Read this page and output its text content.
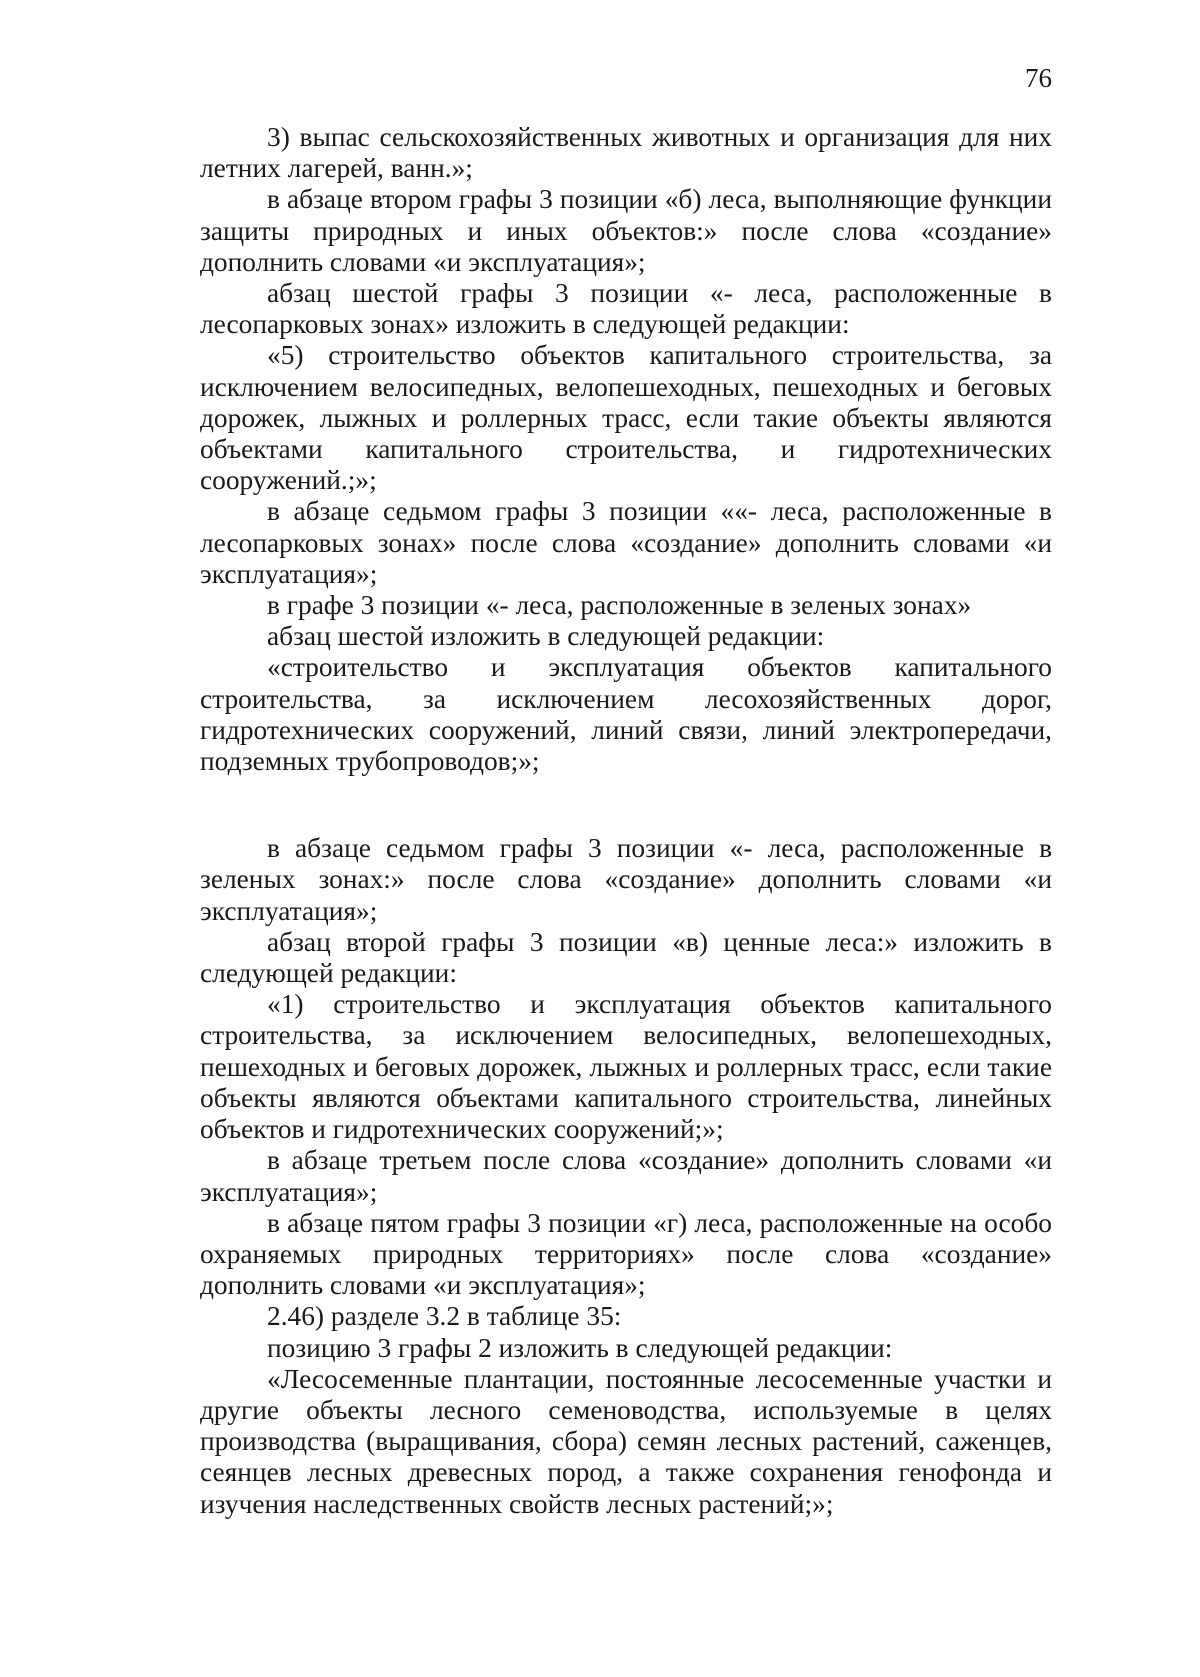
76

3) выпас сельскохозяйственных животных и организация для них летних лагерей, ванн.»;

в абзаце втором графы 3 позиции «б) леса, выполняющие функции защиты природных и иных объектов:» после слова «создание» дополнить словами «и эксплуатация»;

абзац шестой графы 3 позиции «- леса, расположенные в лесопарковых зонах» изложить в следующей редакции:

«5) строительство объектов капитального строительства, за исключением велосипедных, велопешеходных, пешеходных и беговых дорожек, лыжных и роллерных трасс, если такие объекты являются объектами капитального строительства, и гидротехнических сооружений.;»;

в абзаце седьмом графы 3 позиции ««- леса, расположенные в лесопарковых зонах» после слова «создание» дополнить словами «и эксплуатация»;

в графе 3 позиции «- леса, расположенные в зеленых зонах»

абзац шестой изложить в следующей редакции:

«строительство и эксплуатация объектов капитального строительства, за исключением лесохозяйственных дорог, гидротехнических сооружений, линий связи, линий электропередачи, подземных трубопроводов;»;

в абзаце седьмом графы 3 позиции «- леса, расположенные в зеленых зонах:» после слова «создание» дополнить словами «и эксплуатация»;

абзац второй графы 3 позиции «в) ценные леса:» изложить в следующей редакции:

«1) строительство и эксплуатация объектов капитального строительства, за исключением велосипедных, велопешеходных, пешеходных и беговых дорожек, лыжных и роллерных трасс, если такие объекты являются объектами капитального строительства, линейных объектов и гидротехнических сооружений;»;

в абзаце третьем после слова «создание» дополнить словами «и эксплуатация»;

в абзаце пятом графы 3 позиции «г) леса, расположенные на особо охраняемых природных территориях» после слова «создание» дополнить словами «и эксплуатация»;

2.46) разделе 3.2 в таблице 35:

позицию 3 графы 2 изложить в следующей редакции:

«Лесосеменные плантации, постоянные лесосеменные участки и другие объекты лесного семеноводства, используемые в целях производства (выращивания, сбора) семян лесных растений, саженцев, сеянцев лесных древесных пород, а также сохранения генофонда и изучения наследственных свойств лесных растений;»;
